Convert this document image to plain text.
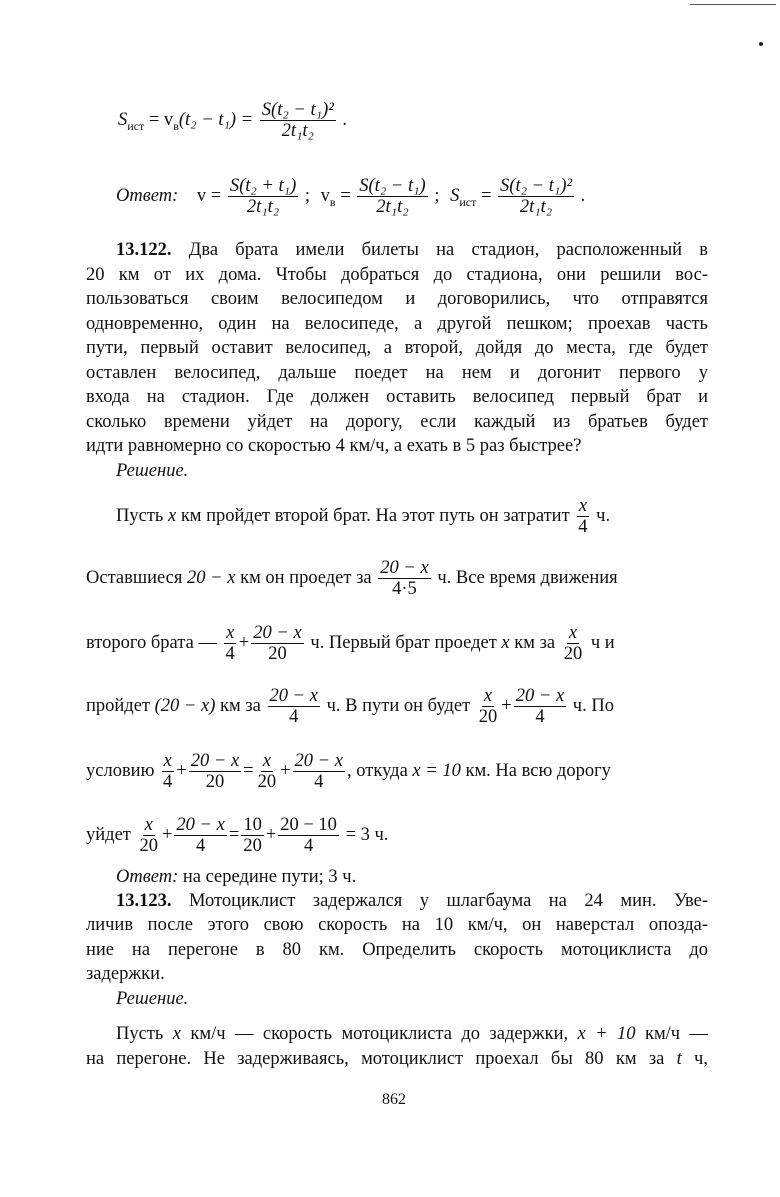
$S_{ист} = v_в(t_2 - t_1) = \frac{\text{S(t₂ − t₁)²}}{\text{2t₁t₂}}$ .
Ответ: $v = \frac{\text{S(t₂ + t₁)}}{\text{2t₁t₂}}$ ; $v_в = \frac{\text{S(t₂ − t₁)}}{\text{2t₁t₂}}$ ; $S_{ист} = \frac{\text{S(t₂ − t₁)²}}{\text{2t₁t₂}}$ .
13.122. Два брата имели билеты на стадион, расположенный в
20 км от их дома. Чтобы добраться до стадиона, они решили вос-
пользоваться своим велосипедом и договорились, что отправятся
одновременно, один на велосипеде, а другой пешком; проехав часть
пути, первый оставит велосипед, а второй, дойдя до места, где будет
оставлен велосипед, дальше поедет на нем и догонит первого у
входа на стадион. Где должен оставить велосипед первый брат и
сколько времени уйдет на дорогу, если каждый из братьев будет
идти равномерно со скоростью 4 км/ч, а ехать в 5 раз быстрее?
Решение.
Пусть x км пройдет второй брат. На этот путь он затратит $\frac{x}{4} ч$.
Оставшиеся 20 − x км он проедет за $\frac{20 - x}{4\cdot 5} ч$. Все время движения
второго брата — $\frac{x}{4} + \frac{20 - x}{20} ч$. Первый брат проедет x км за $\frac{x}{20}$ ч и
пройдет (20 − x) км за $\frac{20 - x}{4} ч$. В пути он будет $\frac{x}{20} + \frac{20 - x}{4} ч$. По
условию $\frac{x}{4} + \frac{20 - x}{20} = \frac{x}{20} + \frac{20 - x}{4}$ , откуда x = 10 км. На всю дорогу
уйдет $\frac{x}{20} + \frac{20 - x}{4} = \frac{10}{20} + \frac{20 - 10}{4} = 3$ ч.
Ответ: на середине пути; 3 ч.
13.123. Мотоциклист задержался у шлагбаума на 24 мин. Уве-
личив после этого свою скорость на 10 км/ч, он наверстал опозда-
ние на перегоне в 80 км. Определить скорость мотоциклиста до
задержки.
Решение.
Пусть x км/ч — скорость мотоциклиста до задержки, x + 10 км/ч —
на перегоне. Не задерживаясь, мотоциклист проехал бы 80 км за t ч,
862
